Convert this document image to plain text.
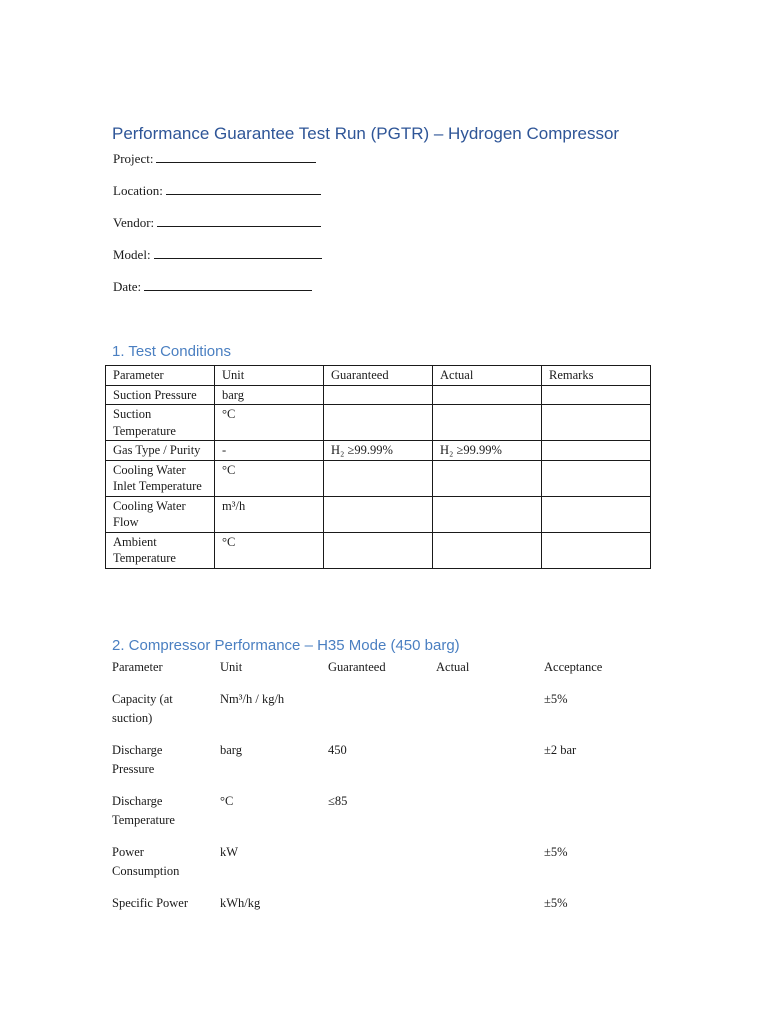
Performance Guarantee Test Run (PGTR) – Hydrogen Compressor
Project:
Location:
Vendor:
Model:
Date:
1. Test Conditions
Parameter	Unit	Guaranteed	Actual	Remarks
Suction Pressure	barg			
Suction Temperature	°C			
Gas Type / Purity	-	H₂ ≥99.99%	H₂ ≥99.99%	
Cooling Water Inlet Temperature	°C			
Cooling Water Flow	m³/h			
Ambient Temperature	°C			
2. Compressor Performance – H35 Mode (450 barg)
Parameter	Unit	Guaranteed	Actual	Acceptance
Capacity (at suction)	Nm³/h / kg/h			±5%
Discharge Pressure	barg	450		±2 bar
Discharge Temperature	°C	≤85		
Power Consumption	kW			±5%
Specific Power	kWh/kg			±5%
